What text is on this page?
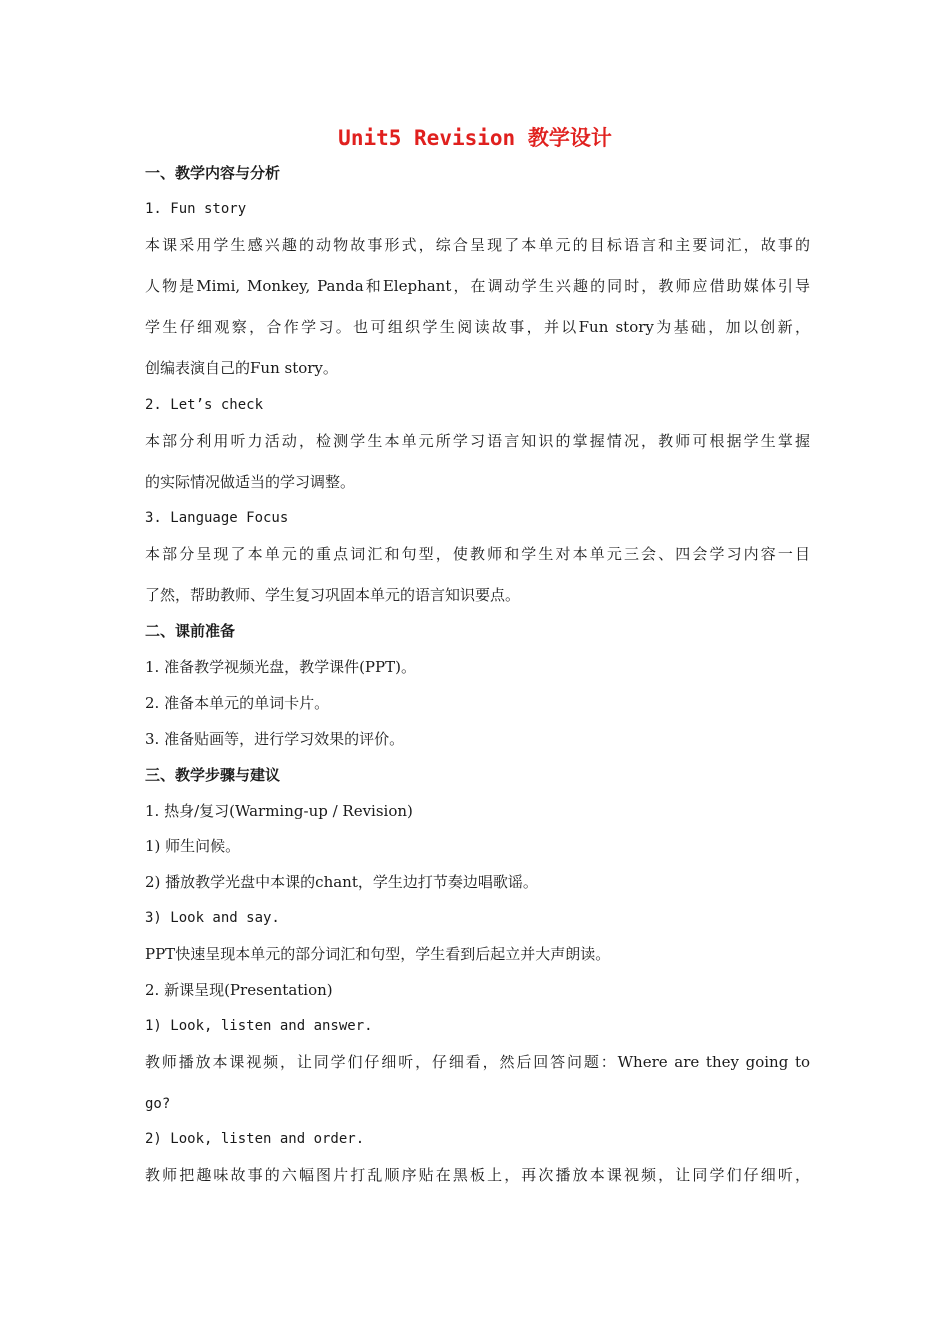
Unit5 Revision 教学设计
一、教学内容与分析
1. Fun story
本课采用学生感兴趣的动物故事形式，综合呈现了本单元的目标语言和主要词汇，故事的
人物是Mimi, Monkey, Panda和Elephant，在调动学生兴趣的同时，教师应借助媒体引导
学生仔细观察，合作学习。也可组织学生阅读故事，并以Fun story为基础，加以创新，
创编表演自己的Fun story。
2. Let’s check
本部分利用听力活动，检测学生本单元所学习语言知识的掌握情况，教师可根据学生掌握
的实际情况做适当的学习调整。
3. Language Focus
本部分呈现了本单元的重点词汇和句型，使教师和学生对本单元三会、四会学习内容一目
了然，帮助教师、学生复习巩固本单元的语言知识要点。
二、课前准备
1. 准备教学视频光盘，教学课件(PPT)。
2. 准备本单元的单词卡片。
3. 准备贴画等，进行学习效果的评价。
三、教学步骤与建议
1. 热身/复习(Warming-up / Revision)
1) 师生问候。
2) 播放教学光盘中本课的chant，学生边打节奏边唱歌谣。
3) Look and say.
PPT快速呈现本单元的部分词汇和句型，学生看到后起立并大声朗读。
2. 新课呈现(Presentation)
1) Look, listen and answer.
教师播放本课视频，让同学们仔细听，仔细看，然后回答问题：Where are they going to
go?
2) Look, listen and order.
教师把趣味故事的六幅图片打乱顺序贴在黑板上，再次播放本课视频，让同学们仔细听，
